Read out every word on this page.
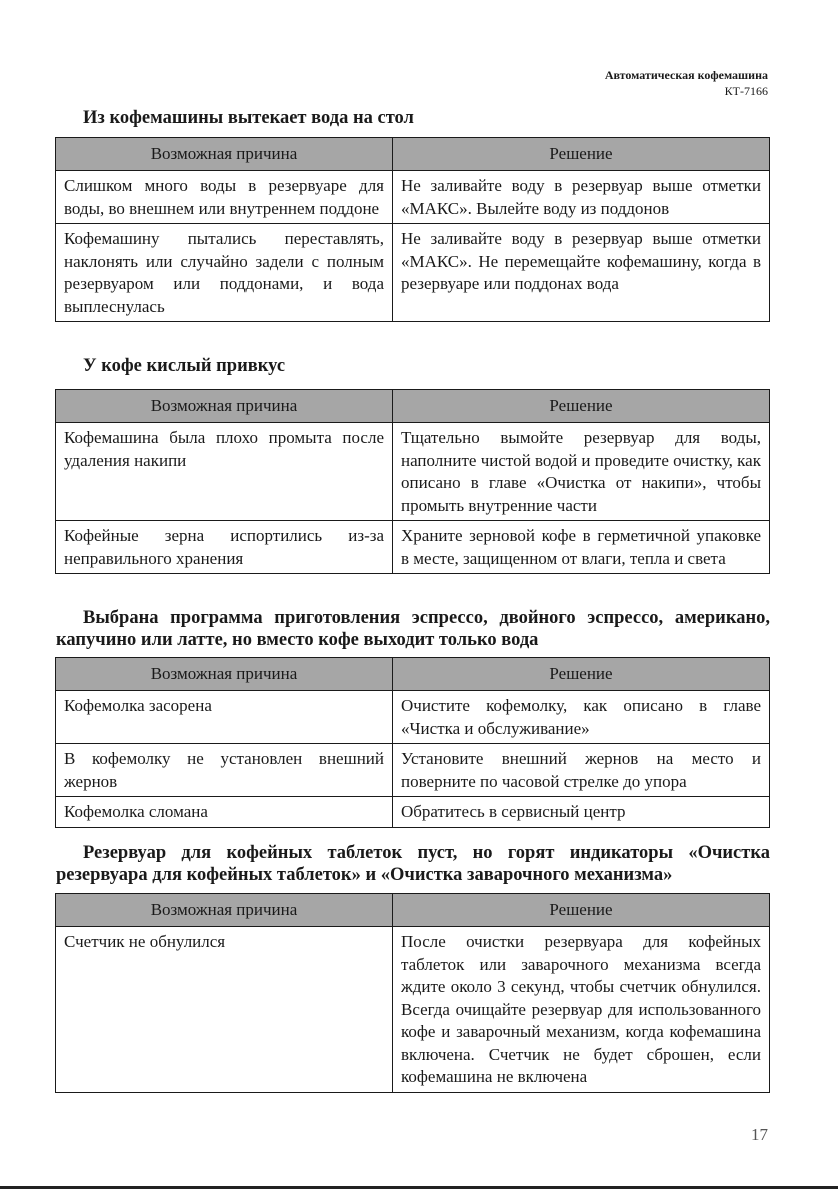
Автоматическая кофемашина
КТ-7166
Из кофемашины вытекает вода на стол
Возможная причина	Решение
Слишком много воды в резервуаре для воды, во внешнем или внутреннем поддоне	Не заливайте воду в резервуар выше отметки «МАКС». Вылейте воду из поддонов
Кофемашину пытались переставлять, наклонять или случайно задели с полным резервуаром или поддонами, и вода выплеснулась	Не заливайте воду в резервуар выше отметки «МАКС». Не перемещайте кофемашину, когда в резервуаре или поддонах вода
У кофе кислый привкус
Возможная причина	Решение
Кофемашина была плохо промыта после удаления накипи	Тщательно вымойте резервуар для воды, наполните чистой водой и проведите очистку, как описано в главе «Очистка от накипи», чтобы промыть внутренние части
Кофейные зерна испортились из-за неправильного хранения	Храните зерновой кофе в герметичной упаковке в месте, защищенном от влаги, тепла и света
Выбрана программа приготовления эспрессо, двойного эспрессо, американо, капучино или латте, но вместо кофе выходит только вода
Возможная причина	Решение
Кофемолка засорена	Очистите кофемолку, как описано в главе «Чистка и обслуживание»
В кофемолку не установлен внешний жернов	Установите внешний жернов на место и поверните по часовой стрелке до упора
Кофемолка сломана	Обратитесь в сервисный центр
Резервуар для кофейных таблеток пуст, но горят индикаторы «Очистка резервуара для кофейных таблеток» и «Очистка заварочного механизма»
Возможная причина	Решение
Счетчик не обнулился	После очистки резервуара для кофейных таблеток или заварочного механизма всегда ждите около 3 секунд, чтобы счетчик обнулился. Всегда очищайте резервуар для использованного кофе и заварочный механизм, когда кофемашина включена. Счетчик не будет сброшен, если кофемашина не включена
17
